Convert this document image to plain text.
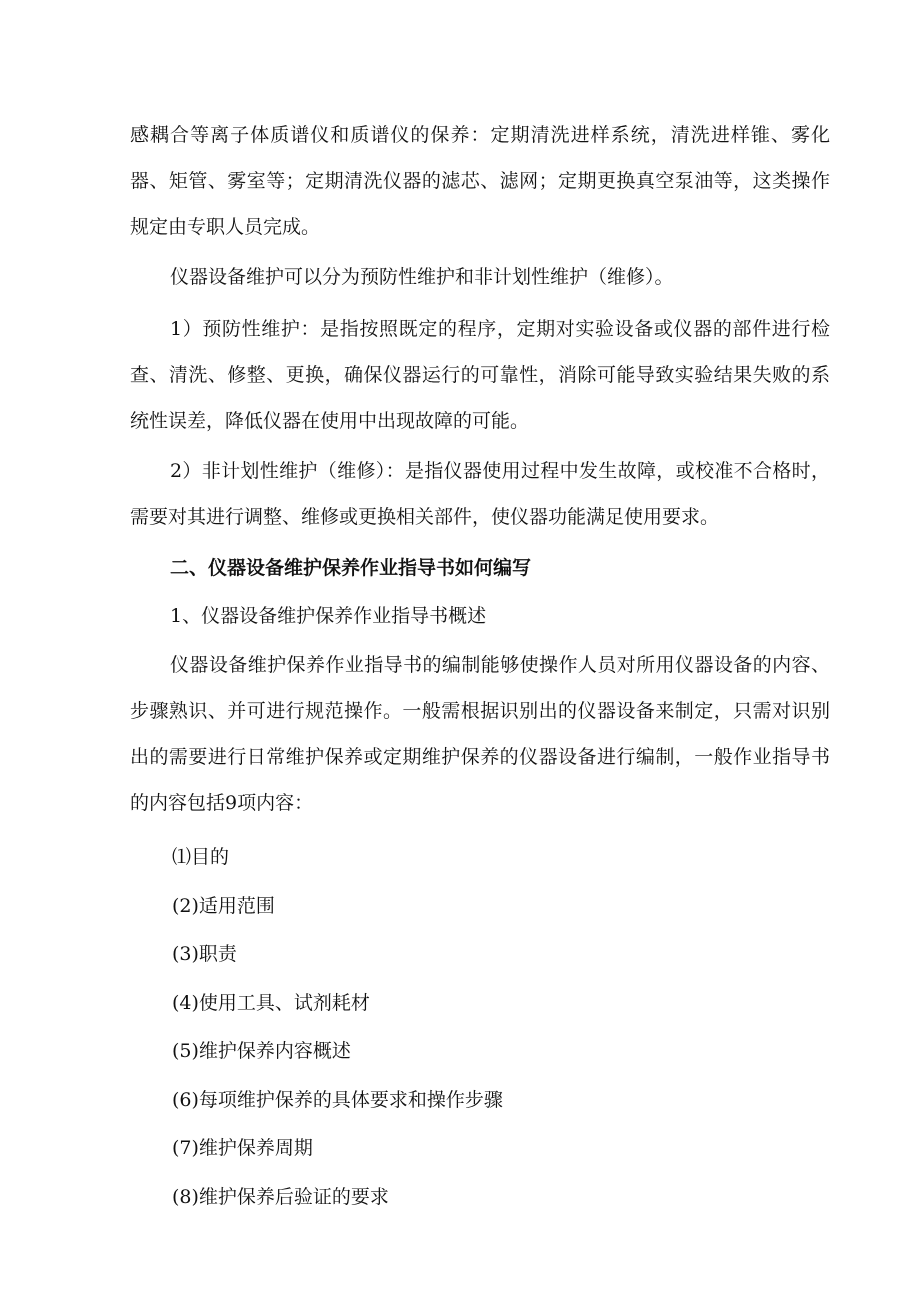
感耦合等离子体质谱仪和质谱仪的保养：定期清洗进样系统，清洗进样锥、雾化器、矩管、雾室等；定期清洗仪器的滤芯、滤网；定期更换真空泵油等，这类操作规定由专职人员完成。

仪器设备维护可以分为预防性维护和非计划性维护（维修）。

1）预防性维护：是指按照既定的程序，定期对实验设备或仪器的部件进行检查、清洗、修整、更换，确保仪器运行的可靠性，消除可能导致实验结果失败的系统性误差，降低仪器在使用中出现故障的可能。

2）非计划性维护（维修）：是指仪器使用过程中发生故障，或校准不合格时，需要对其进行调整、维修或更换相关部件，使仪器功能满足使用要求。

二、仪器设备维护保养作业指导书如何编写

1、仪器设备维护保养作业指导书概述

仪器设备维护保养作业指导书的编制能够使操作人员对所用仪器设备的内容、步骤熟识、并可进行规范操作。一般需根据识别出的仪器设备来制定，只需对识别出的需要进行日常维护保养或定期维护保养的仪器设备进行编制，一般作业指导书的内容包括9项内容：

⑴目的

(2)适用范围

(3)职责

(4)使用工具、试剂耗材

(5)维护保养内容概述

(6)每项维护保养的具体要求和操作步骤

(7)维护保养周期

(8)维护保养后验证的要求
